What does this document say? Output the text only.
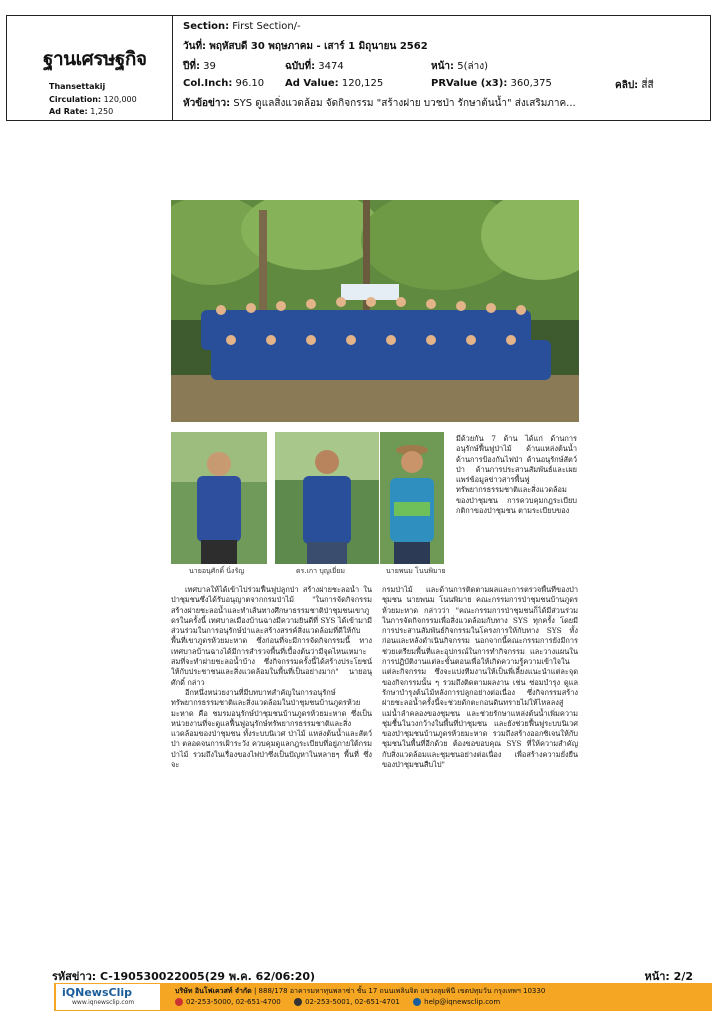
ฐานเศรษฐกิจ
Thansettakij
Circulation: 120,000
Ad Rate: 1,250
Section: First Section/-
วันที่: พฤหัสบดี 30 พฤษภาคม - เสาร์ 1 มิถุนายน 2562
ปีที่: 39	ฉบับที่: 3474	หน้า: 5(ล่าง)
Col.Inch: 96.10 Ad Value: 120,125	PRValue (x3): 360,375	คลิป: สี่สี
หัวข้อข่าว: SYS ดูแลสิ่งแวดล้อม จัดกิจกรรม "สร้างฝาย บวชป่า รักษาต้นน้ำ" ส่งเสริมภาค...
นายอนุศักดิ์ นิ่งรัญ	ดร.เกา บุญเยี่ยม	นายพนม โนนพิมาย

มีด้วยกัน 7 ด้าน ได้แก่ ด้านการอนุรักษ์ฟื้นฟูป่าไม้ ด้านแหล่งต้นน้ำ ด้านการป้องกันไฟป่า ด้านอนุรักษ์สัตว์ป่า ด้านการประสานสัมพันธ์และเผยแพร่ข้อมูลข่าวสารพื้นฟูทรัพยากรธรรมชาติและสิ่งแวดล้อมของป่าชุมชน การควบคุมกฎระเบียบกติกาของป่าชุมชน ตามระเบียบของ

เทศบาลให้ได้เข้าไปร่วมฟื้นฟูปลูกป่า สร้างฝายชะลอน้ำ ในป่าชุมชนซึ่งได้รับอนุญาตจากกรมป่าไม้ "ในการจัดกิจกรรมสร้างฝายชะลอน้ำและทำเส้นทางศึกษาธรรมชาติป่าชุมชนเขาภูดรในครั้งนี้ เทศบาลเมืองบ้านฉางมีความยินดีที่ SYS ได้เข้ามามีส่วนร่วมในการอนุรักษ์ป่าและสร้างสรรค์สิ่งแวดล้อมที่ดีให้กับพื้นที่เขาภูดรห้วยมะหาด ซึ่งก่อนที่จะมีการจัดกิจกรรมนี้ ทางเทศบาลบ้านฉางได้มีการสำรวจพื้นที่เบื้องต้นว่ามีจุดไหนเหมาะสมที่จะทำฝายชะลอน้ำบ้าง ซึ่งกิจกรรมครั้งนี้ได้สร้างประโยชน์ให้กับประชาชนและสิ่งแวดล้อมในพื้นที่เป็นอย่างมาก" นายอนุศักดิ์ กล่าว

อีกหนึ่งหน่วยงานที่มีบทบาทสำคัญในการอนุรักษ์ทรัพยากรธรรมชาติและสิ่งแวดล้อมในป่าชุมชนบ้านภูดรห้วยมะหาด คือ ชมรมอนุรักษ์ป่าชุมชนบ้านภูดรห้วยมะหาด ซึ่งเป็นหน่วยงานที่จะดูแลฟื้นฟูอนุรักษ์ทรัพยากรธรรมชาติและสิ่งแวดล้อมของป่าชุมชน ทั้งระบบนิเวศ ป่าไม้ แหล่งต้นน้ำและสัตว์ป่า ตลอดจนการเฝ้าระวัง ควบคุมดูแลกฎระเบียบที่อยู่ภายใต้กรมป่าไม้ รวมถึงในเรื่องของไฟป่าซึ่งเป็นปัญหาในหลายๆ พื้นที่ ซึ่งจะ

กรมป่าไม้ และด้านการติดตามผลและการตรวจพื้นที่ของป่าชุมชน นายพนม โนนพิมาย คณะกรรมการป่าชุมชนบ้านภูดรห้วยมะหาด กล่าวว่า "คณะกรรมการป่าชุมชนก็ได้มีส่วนร่วมในการจัดกิจกรรมเพื่อสิ่งแวดล้อมกับทาง SYS ทุกครั้ง โดยมีการประสานสัมพันธ์กิจกรรมในโครงการให้กับทาง SYS ทั้งก่อนและหลังดำเนินกิจกรรม นอกจากนี้คณะกรรมการยังมีการช่วยเตรียมพื้นที่และอุปกรณ์ในการทำกิจกรรม และวางแผนในการปฏิบัติงานแต่ละขั้นตอนเพื่อให้เกิดความรู้ความเข้าใจในแต่ละกิจกรรม ซึ่งจะแบ่งทีมงานให้เป็นพี่เลี้ยงแนะนำแต่ละจุดของกิจกรรมนั้น ๆ รวมถึงติดตามผลงาน เช่น ซ่อมบำรุง ดูแลรักษาบำรุงต้นไม้หลังการปลูกอย่างต่อเนื่อง ซึ่งกิจกรรมสร้างฝายชะลอน้ำครั้งนี้จะช่วยดักตะกอนดินทรายไม่ให้ไหลลงสู่แม่น้ำลำคลองของชุมชน และช่วยรักษาแหล่งต้นน้ำเพิ่มความชุ่มชื้นในวงกว้างในพื้นที่ป่าชุมชน และยังช่วยฟื้นฟูระบบนิเวศของป่าชุมชนบ้านภูดรห้วยมะหาด รวมถึงสร้างออกซิเจนให้กับชุมชนในพื้นที่อีกด้วย ต้องขอขอบคุณ SYS ที่ให้ความสำคัญกับสิ่งแวดล้อมและชุมชนอย่างต่อเนื่อง เพื่อสร้างความยั่งยืนของป่าชุมชนสืบไป"

รหัสข่าว: C-190530022005(29 พ.ค. 62/06:20)	หน้า: 2/2
iQNewsClip
www.iqnewsclip.com
บริษัท อินโฟเควสท์ จำกัด | 888/178 อาคารมหาทุนพลาซ่า ชั้น 17 ถนนเพลินจิต แขวงลุมพินี เขตปทุมวัน กรุงเทพฯ 10330
02-253-5000, 02-651-4700	02-253-5001, 02-651-4701	help@iqnewsclip.com
